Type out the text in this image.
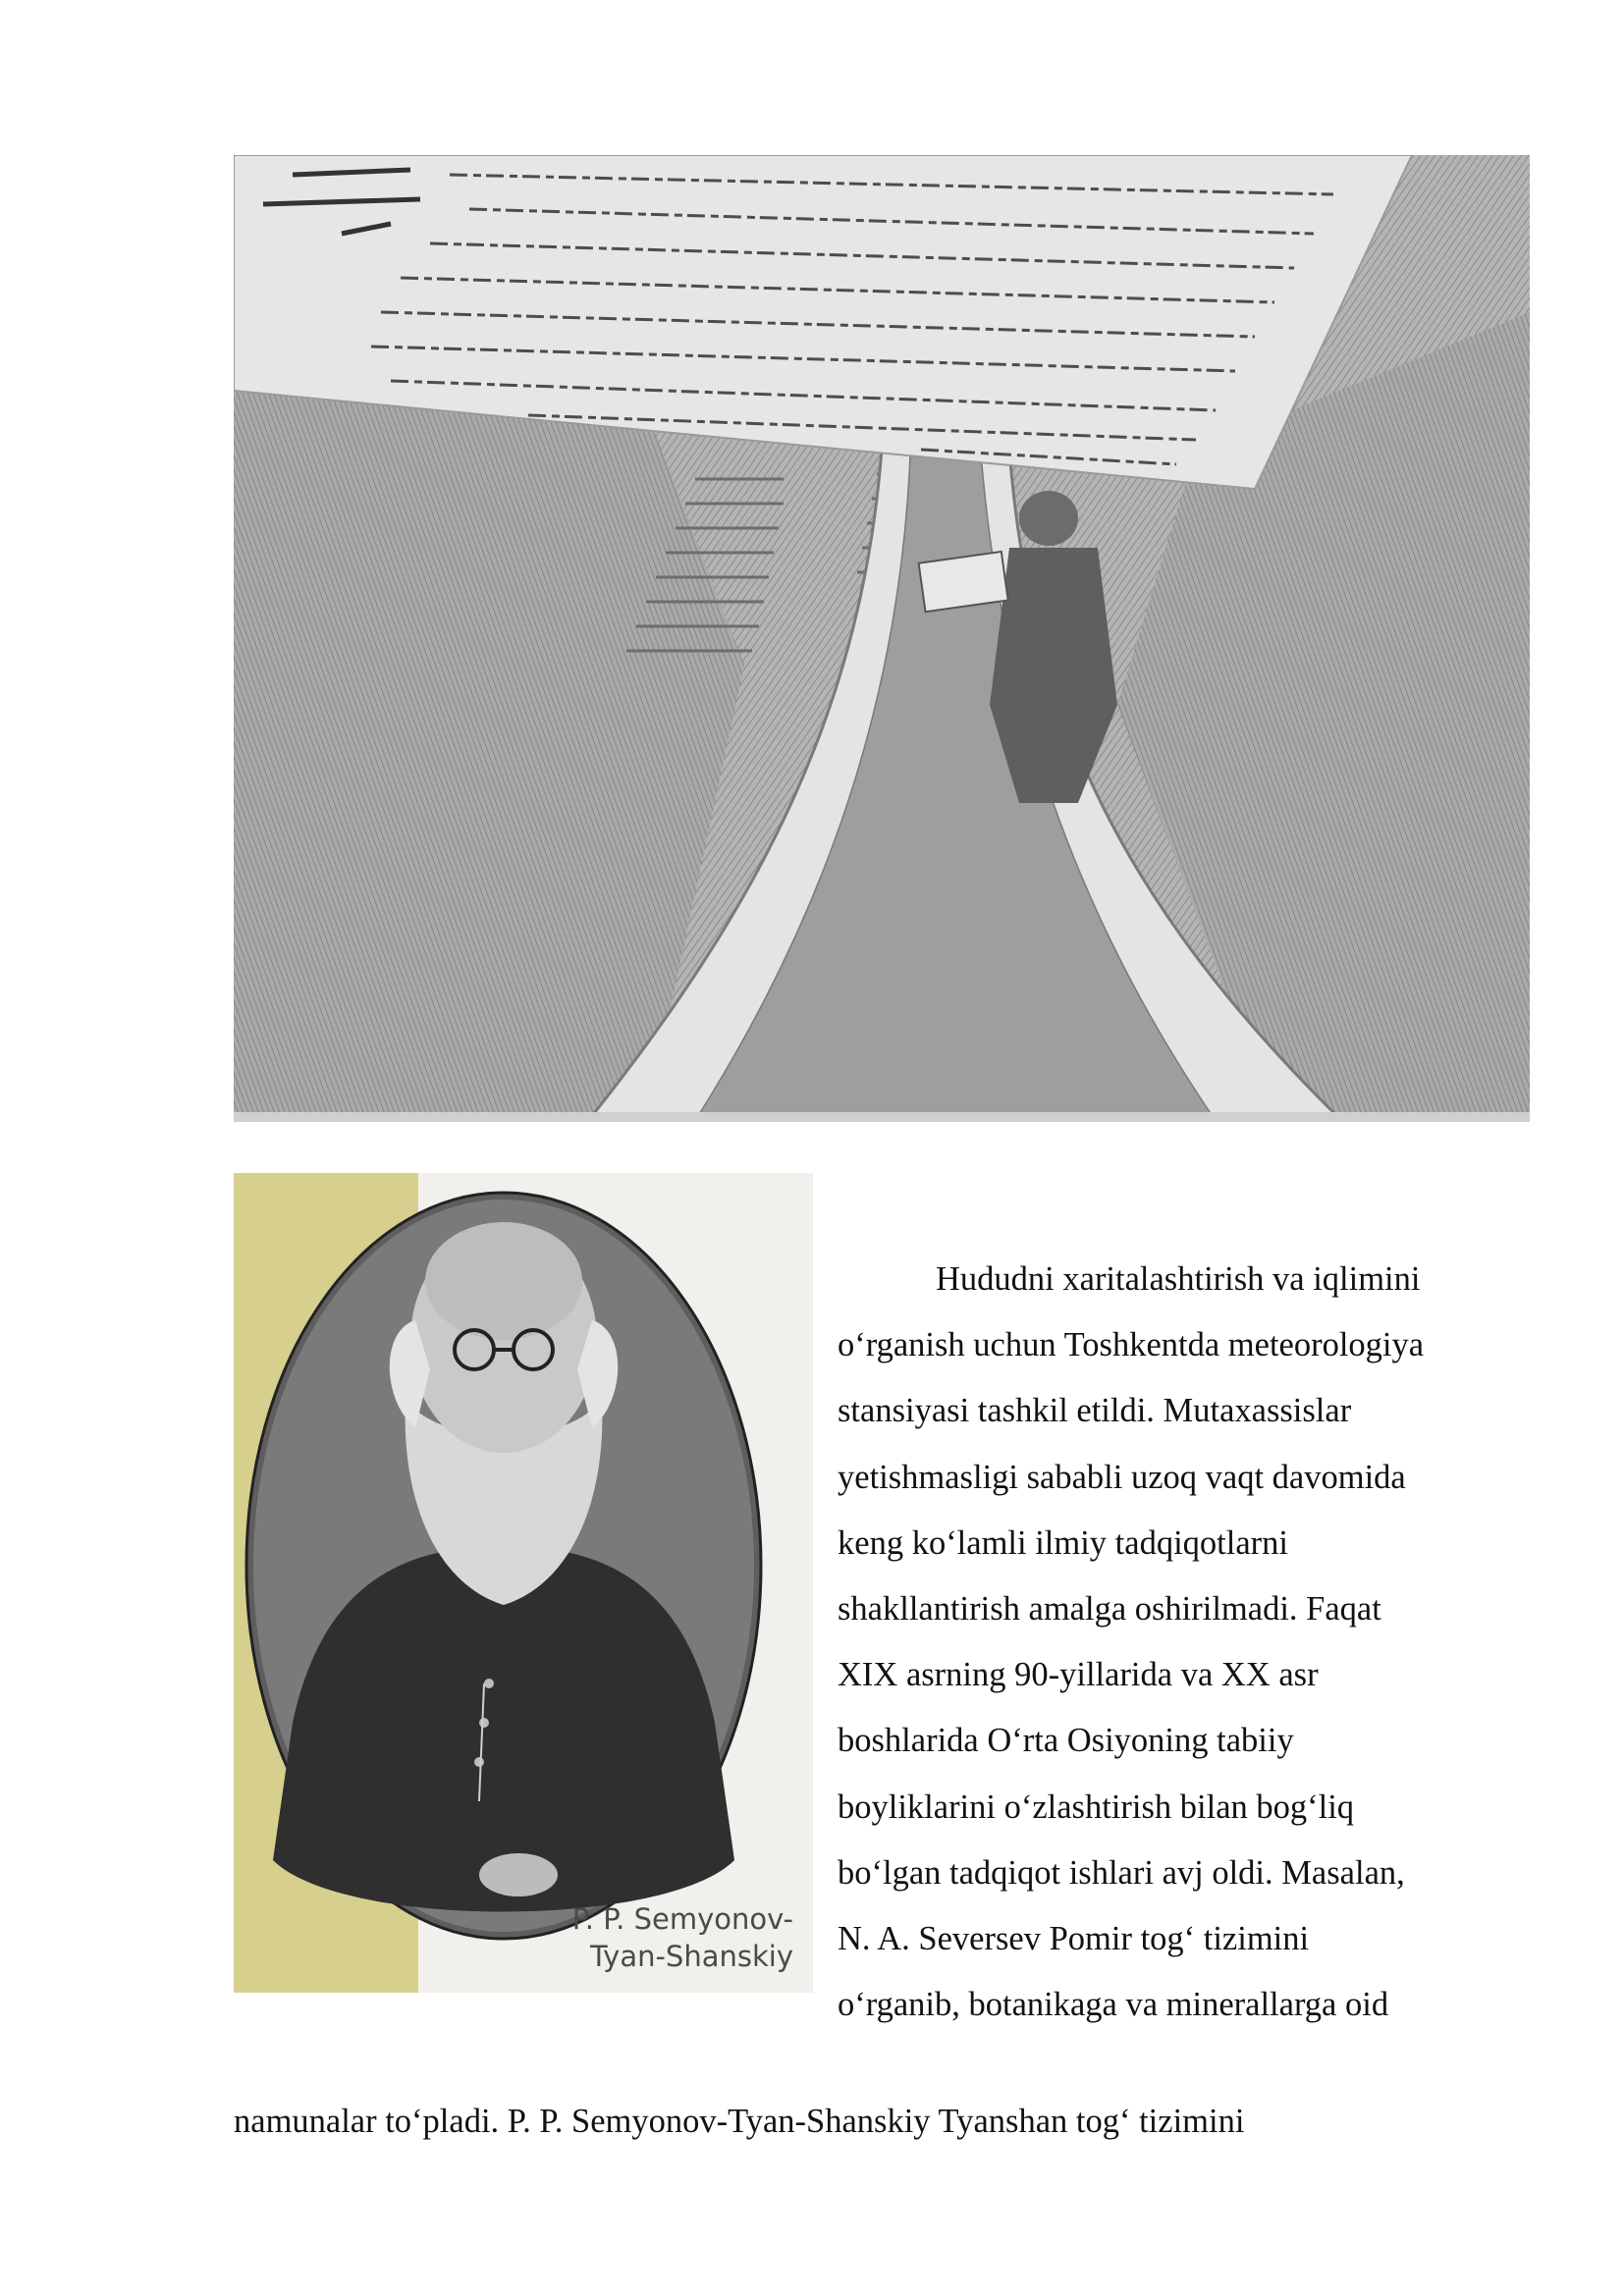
P. P. Semyonov-
Tyan-Shanskiy
Hududni xaritalashtirish va iqlimini
o‘rganish uchun Toshkentda meteorologiya
stansiyasi tashkil etildi. Mutaxassislar
yetishmasligi sababli uzoq vaqt davomida
keng ko‘lamli ilmiy tadqiqotlarni
shakllantirish amalga oshirilmadi. Faqat
XIX asrning 90-yillarida va XX asr
boshlarida O‘rta Osiyoning tabiiy
boyliklarini o‘zlashtirish bilan bog‘liq
bo‘lgan tadqiqot ishlari avj oldi. Masalan,
N. A. Seversev Pomir tog‘ tizimini
o‘rganib, botanikaga va minerallarga oid
namunalar to‘pladi. P. P. Semyonov-Tyan-Shanskiy Tyanshan tog‘ tizimini
